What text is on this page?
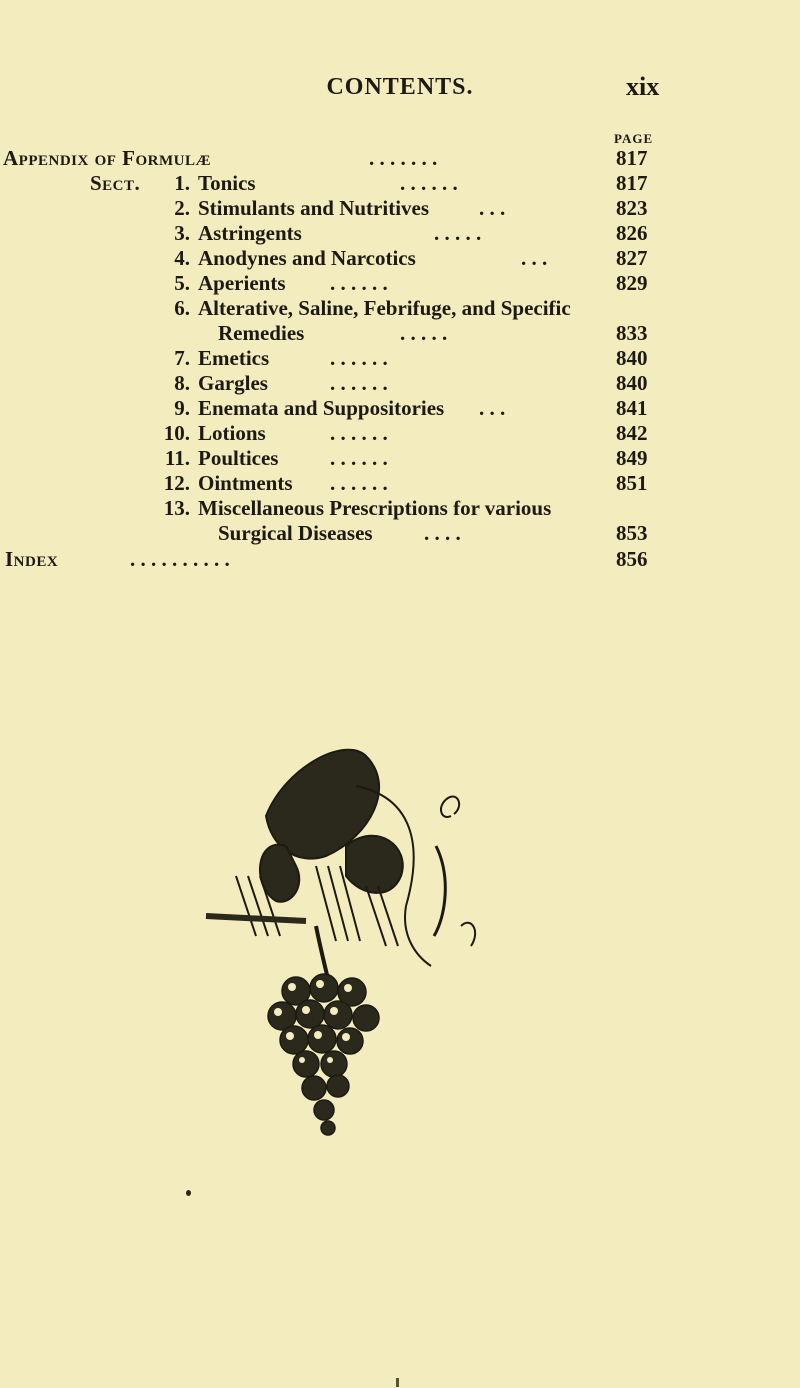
CONTENTS.	xix
PAGE
Appendix of Formulæ	. . . . . . .	817
Sect.	1. Tonics	. . . . . .	817
2. Stimulants and Nutritives . . .	823
3. Astringents	. . . . .	826
4. Anodynes and Narcotics	. . .	827
5. Aperients . . . . . .	829
6. Alterative, Saline, Febrifuge, and Specific
Remedies	. . . . .	833
7. Emetics	. . . . . .	840
8. Gargles	. . . . . .	840
9. Enemata and Suppositories . . .	841
10. Lotions	. . . . . .	842
11. Poultices . . . . . .	849
12. Ointments . . . . . .	851
13. Miscellaneous Prescriptions for various
Surgical Diseases . . . .	853
Index	. . . . . . . . . .	856
